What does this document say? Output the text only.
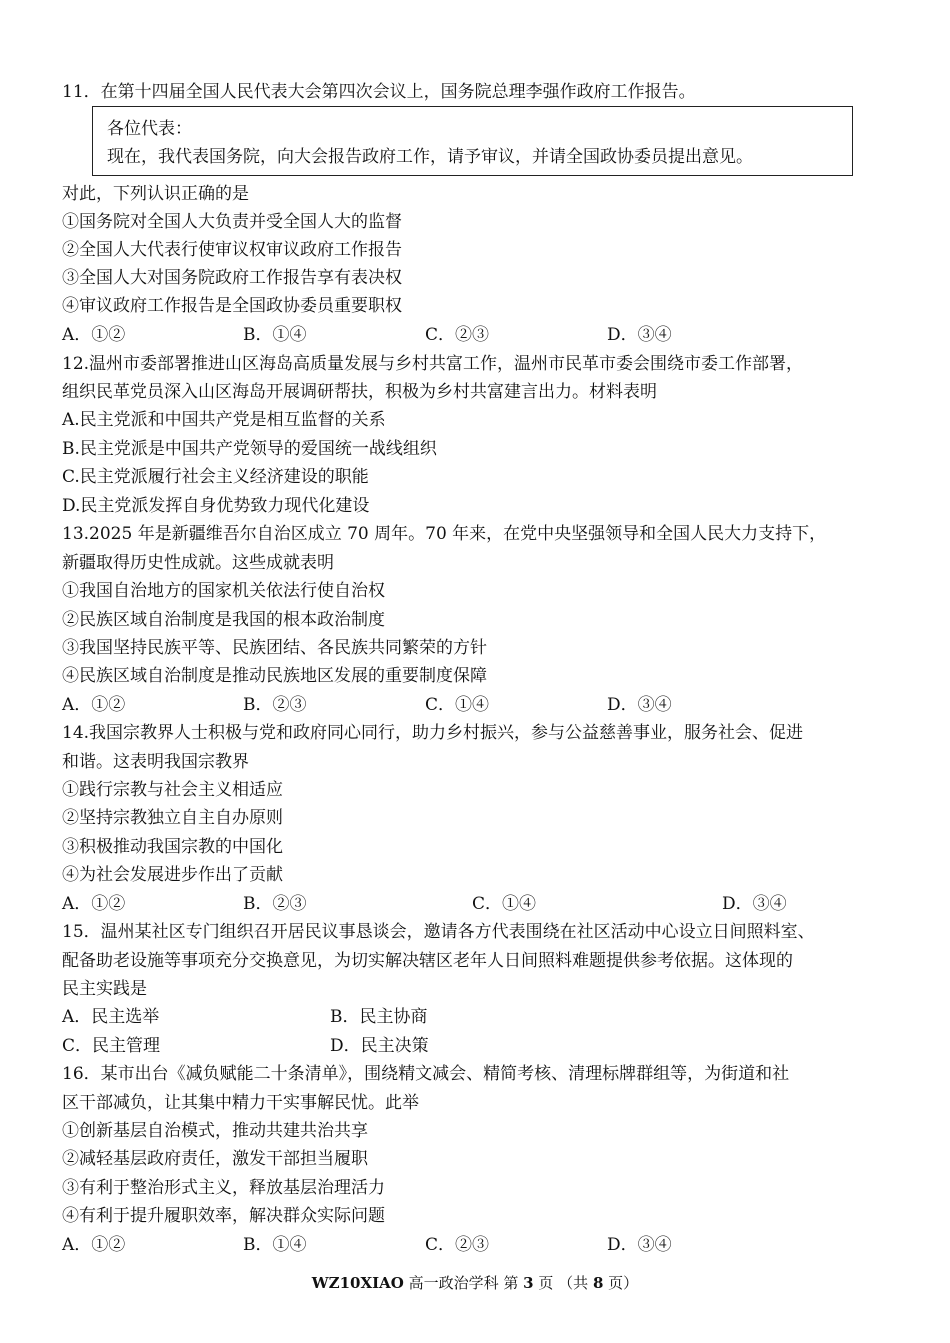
11．在第十四届全国人民代表大会第四次会议上，国务院总理李强作政府工作报告。
各位代表：
现在，我代表国务院，向大会报告政府工作，请予审议，并请全国政协委员提出意见。
对此，下列认识正确的是
①国务院对全国人大负责并受全国人大的监督
②全国人大代表行使审议权审议政府工作报告
③全国人大对国务院政府工作报告享有表决权
④审议政府工作报告是全国政协委员重要职权
A．①②	B．①④	C．②③	D．③④
12.温州市委部署推进山区海岛高质量发展与乡村共富工作，温州市民革市委会围绕市委工作部署，
组织民革党员深入山区海岛开展调研帮扶，积极为乡村共富建言出力。材料表明
A.民主党派和中国共产党是相互监督的关系
B.民主党派是中国共产党领导的爱国统一战线组织
C.民主党派履行社会主义经济建设的职能
D.民主党派发挥自身优势致力现代化建设
13.2025 年是新疆维吾尔自治区成立 70 周年。70 年来，在党中央坚强领导和全国人民大力支持下，
新疆取得历史性成就。这些成就表明
①我国自治地方的国家机关依法行使自治权
②民族区域自治制度是我国的根本政治制度
③我国坚持民族平等、民族团结、各民族共同繁荣的方针
④民族区域自治制度是推动民族地区发展的重要制度保障
A．①②	B．②③	C．①④	D．③④
14.我国宗教界人士积极与党和政府同心同行，助力乡村振兴，参与公益慈善事业，服务社会、促进
和谐。这表明我国宗教界
①践行宗教与社会主义相适应
②坚持宗教独立自主自办原则
③积极推动我国宗教的中国化
④为社会发展进步作出了贡献
A．①②	B．②③	C．①④	D．③④
15．温州某社区专门组织召开居民议事恳谈会，邀请各方代表围绕在社区活动中心设立日间照料室、
配备助老设施等事项充分交换意见，为切实解决辖区老年人日间照料难题提供参考依据。这体现的
民主实践是
A．民主选举	B．民主协商
C．民主管理	D．民主决策
16．某市出台《减负赋能二十条清单》，围绕精文减会、精简考核、清理标牌群组等，为街道和社
区干部减负，让其集中精力干实事解民忧。此举
①创新基层自治模式，推动共建共治共享
②减轻基层政府责任，激发干部担当履职
③有利于整治形式主义，释放基层治理活力
④有利于提升履职效率，解决群众实际问题
A．①②	B．①④	C．②③	D．③④
WZ10XIAO 高一政治学科 第 3 页 （共 8 页）
